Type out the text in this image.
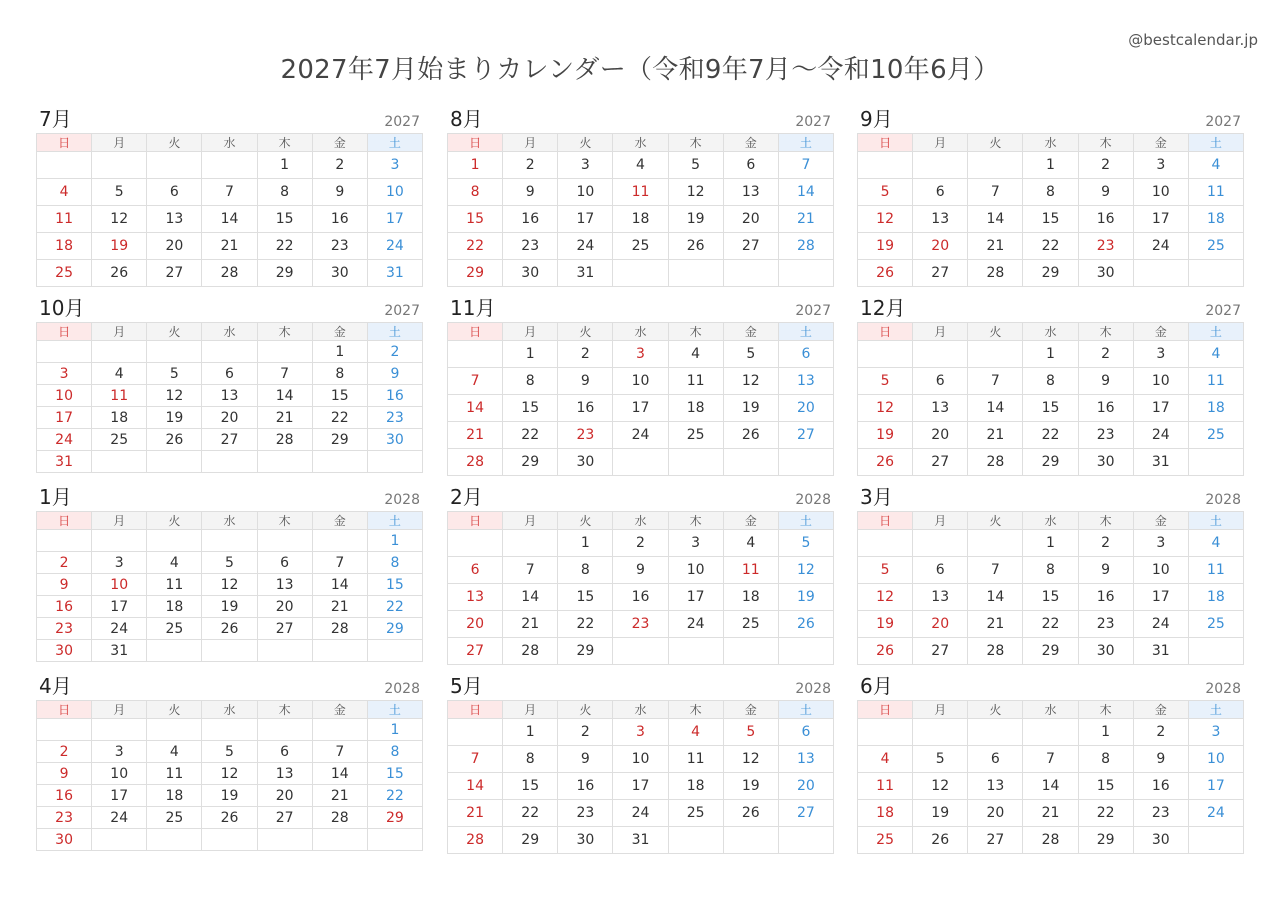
@bestcalendar.jp
2027年7月始まりカレンダー（令和9年7月〜令和10年6月）
7月	2027
日	月	火	水	木	金	土
				1	2	3
4	5	6	7	8	9	10
11	12	13	14	15	16	17
18	19	20	21	22	23	24
25	26	27	28	29	30	31
8月	2027
日	月	火	水	木	金	土
1	2	3	4	5	6	7
8	9	10	11	12	13	14
15	16	17	18	19	20	21
22	23	24	25	26	27	28
29	30	31				
9月	2027
日	月	火	水	木	金	土
			1	2	3	4
5	6	7	8	9	10	11
12	13	14	15	16	17	18
19	20	21	22	23	24	25
26	27	28	29	30		
10月	2027
日	月	火	水	木	金	土
					1	2
3	4	5	6	7	8	9
10	11	12	13	14	15	16
17	18	19	20	21	22	23
24	25	26	27	28	29	30
31						
11月	2027
日	月	火	水	木	金	土
	1	2	3	4	5	6
7	8	9	10	11	12	13
14	15	16	17	18	19	20
21	22	23	24	25	26	27
28	29	30				
12月	2027
日	月	火	水	木	金	土
			1	2	3	4
5	6	7	8	9	10	11
12	13	14	15	16	17	18
19	20	21	22	23	24	25
26	27	28	29	30	31	
1月	2028
日	月	火	水	木	金	土
						1
2	3	4	5	6	7	8
9	10	11	12	13	14	15
16	17	18	19	20	21	22
23	24	25	26	27	28	29
30	31					
2月	2028
日	月	火	水	木	金	土
		1	2	3	4	5
6	7	8	9	10	11	12
13	14	15	16	17	18	19
20	21	22	23	24	25	26
27	28	29				
3月	2028
日	月	火	水	木	金	土
			1	2	3	4
5	6	7	8	9	10	11
12	13	14	15	16	17	18
19	20	21	22	23	24	25
26	27	28	29	30	31	
4月	2028
日	月	火	水	木	金	土
						1
2	3	4	5	6	7	8
9	10	11	12	13	14	15
16	17	18	19	20	21	22
23	24	25	26	27	28	29
30						
5月	2028
日	月	火	水	木	金	土
	1	2	3	4	5	6
7	8	9	10	11	12	13
14	15	16	17	18	19	20
21	22	23	24	25	26	27
28	29	30	31			
6月	2028
日	月	火	水	木	金	土
				1	2	3
4	5	6	7	8	9	10
11	12	13	14	15	16	17
18	19	20	21	22	23	24
25	26	27	28	29	30	
